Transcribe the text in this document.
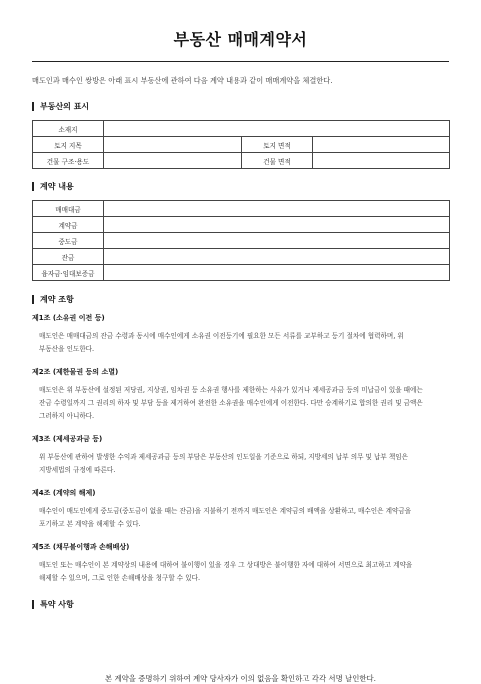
부동산 매매계약서
매도인과 매수인 쌍방은 아래 표시 부동산에 관하여 다음 계약 내용과 같이 매매계약을 체결한다.
부동산의 표시
소재지			
토지 지목		토지 면적	
건물 구조·용도		건물 면적	
계약 내용
매매대금	
계약금	
중도금	
잔금	
융자금·임대보증금	
계약 조항
제1조 (소유권 이전 등)
매도인은 매매대금의 잔금 수령과 동시에 매수인에게 소유권 이전등기에 필요한 모든 서류를 교부하고 등기 절차에 협력하며, 위
부동산을 인도한다.
제2조 (제한물권 등의 소멸)
매도인은 위 부동산에 설정된 저당권, 지상권, 임차권 등 소유권 행사를 제한하는 사유가 있거나 제세공과금 등의 미납금이 있을 때에는
잔금 수령일까지 그 권리의 하자 및 부담 등을 제거하여 완전한 소유권을 매수인에게 이전한다. 다만 승계하기로 합의한 권리 및 금액은
그러하지 아니하다.
제3조 (제세공과금 등)
위 부동산에 관하여 발생한 수익과 제세공과금 등의 부담은 부동산의 인도일을 기준으로 하되, 지방세의 납부 의무 및 납부 책임은
지방세법의 규정에 따른다.
제4조 (계약의 해제)
매수인이 매도인에게 중도금(중도금이 없을 때는 잔금)을 지불하기 전까지 매도인은 계약금의 배액을 상환하고, 매수인은 계약금을
포기하고 본 계약을 해제할 수 있다.
제5조 (채무불이행과 손해배상)
매도인 또는 매수인이 본 계약상의 내용에 대하여 불이행이 있을 경우 그 상대방은 불이행한 자에 대하여 서면으로 최고하고 계약을
해제할 수 있으며, 그로 인한 손해배상을 청구할 수 있다.
특약 사항
본 계약을 증명하기 위하여 계약 당사자가 이의 없음을 확인하고 각각 서명 날인한다.
